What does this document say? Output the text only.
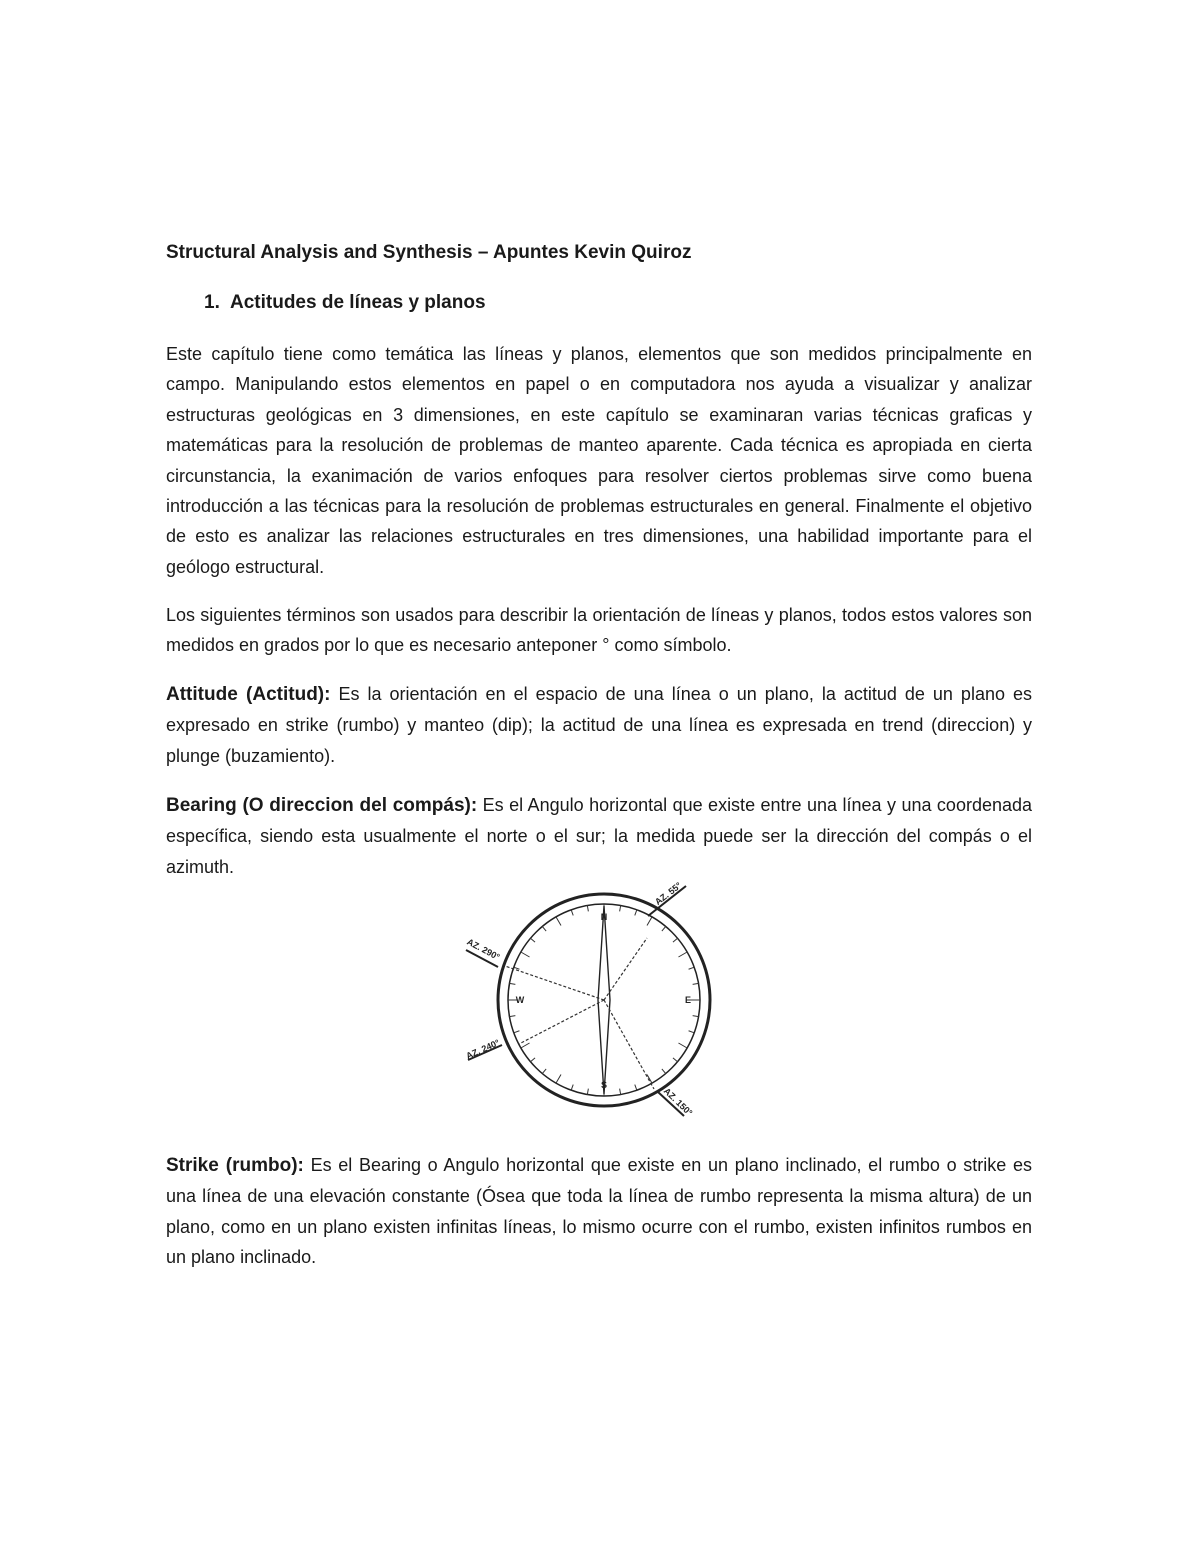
Structural Analysis and Synthesis – Apuntes Kevin Quiroz
1. Actitudes de líneas y planos

Este capítulo tiene como temática las líneas y planos, elementos que son medidos principalmente en campo. Manipulando estos elementos en papel o en computadora nos ayuda a visualizar y analizar estructuras geológicas en 3 dimensiones, en este capítulo se examinaran varias técnicas graficas y matemáticas para la resolución de problemas de manteo aparente. Cada técnica es apropiada en cierta circunstancia, la exanimación de varios enfoques para resolver ciertos problemas sirve como buena introducción a las técnicas para la resolución de problemas estructurales en general. Finalmente el objetivo de esto es analizar las relaciones estructurales en tres dimensiones, una habilidad importante para el geólogo estructural.

Los siguientes términos son usados para describir la orientación de líneas y planos, todos estos valores son medidos en grados por lo que es necesario anteponer ° como símbolo.

Attitude (Actitud): Es la orientación en el espacio de una línea o un plano, la actitud de un plano es expresado en strike (rumbo) y manteo (dip); la actitud de una línea es expresada en trend (direccion) y plunge (buzamiento).

Bearing (O direccion del compás): Es el Angulo horizontal que existe entre una línea y una coordenada específica, siendo esta usualmente el norte o el sur; la medida puede ser la dirección del compás o el azimuth.

N
E
S
W
AZ. 55°
AZ. 290°
AZ. 240°
AZ. 150°

Strike (rumbo): Es el Bearing o Angulo horizontal que existe en un plano inclinado, el rumbo o strike es una línea de una elevación constante (Ósea que toda la línea de rumbo representa la misma altura) de un plano, como en un plano existen infinitas líneas, lo mismo ocurre con el rumbo, existen infinitos rumbos en un plano inclinado.
